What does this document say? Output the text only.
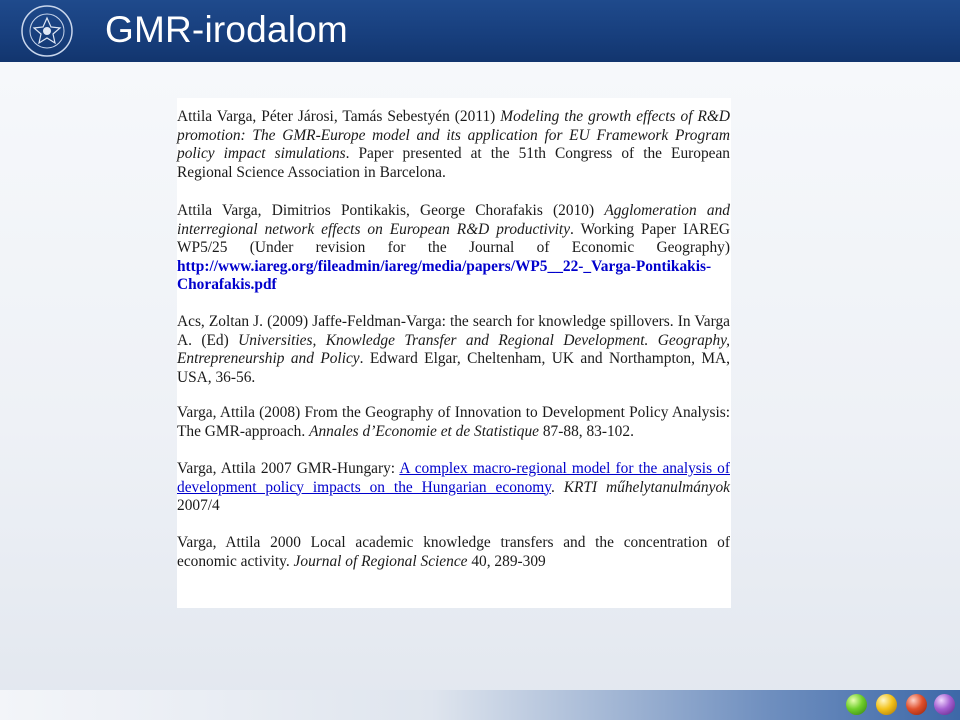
GMR-irodalom
Attila Varga, Péter Járosi, Tamás Sebestyén (2011) Modeling the growth effects of R&D promotion: The GMR-Europe model and its application for EU Framework Program policy impact simulations. Paper presented at the 51th Congress of the European Regional Science Association in Barcelona.
Attila Varga, Dimitrios Pontikakis, George Chorafakis (2010) Agglomeration and interregional network effects on European R&D productivity. Working Paper IAREG WP5/25 (Under revision for the Journal of Economic Geography) http://www.iareg.org/fileadmin/iareg/media/papers/WP5__22-_Varga-Pontikakis-Chorafakis.pdf
Acs, Zoltan J. (2009) Jaffe-Feldman-Varga: the search for knowledge spillovers. In Varga A. (Ed) Universities, Knowledge Transfer and Regional Development. Geography, Entrepreneurship and Policy. Edward Elgar, Cheltenham, UK and Northampton, MA, USA, 36-56.
Varga, Attila (2008) From the Geography of Innovation to Development Policy Analysis: The GMR-approach. Annales d’Economie et de Statistique 87-88, 83-102.
Varga, Attila 2007 GMR-Hungary: A complex macro-regional model for the analysis of development policy impacts on the Hungarian economy. KRTI műhelytanulmányok 2007/4
Varga, Attila 2000 Local academic knowledge transfers and the concentration of economic activity. Journal of Regional Science 40, 289-309
